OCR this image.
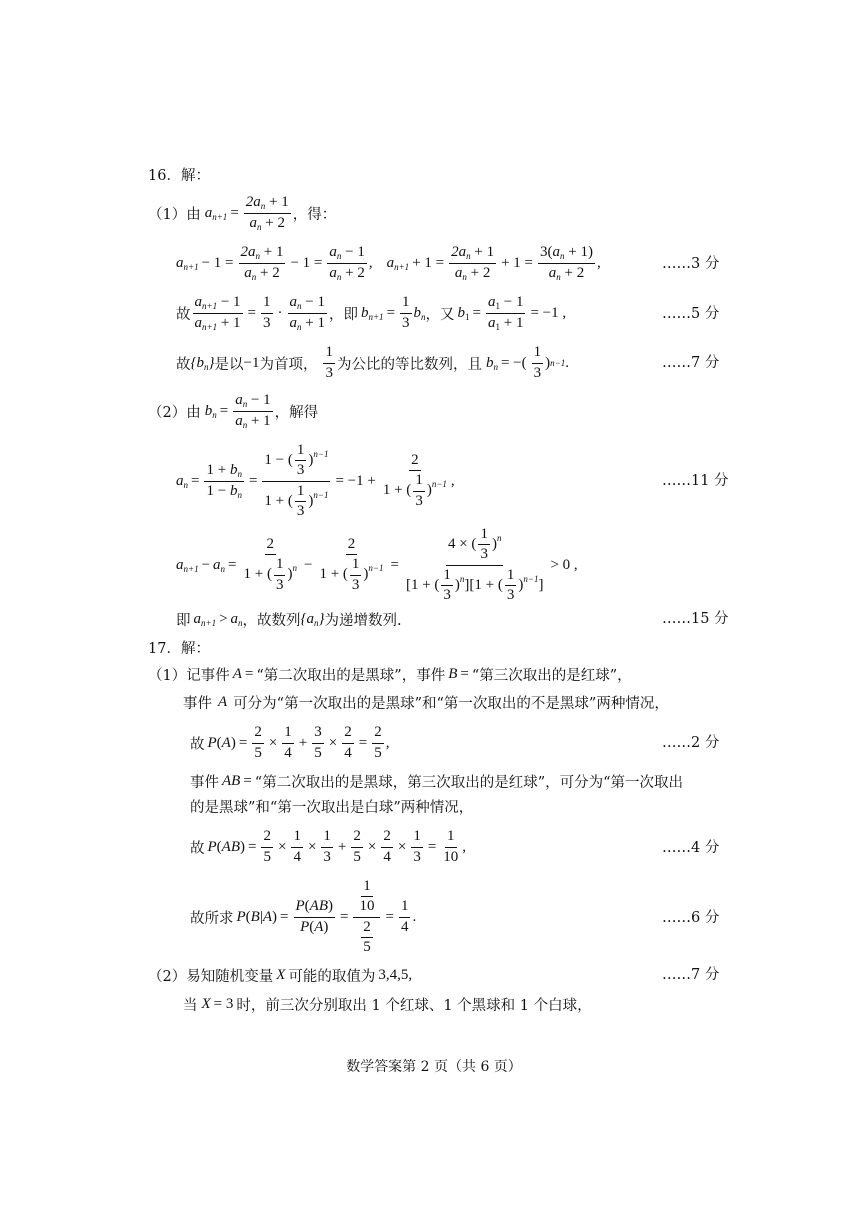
16．解：
（1）由 $a_{n+1} = \frac{2a_n + 1}{a_n + 2}$ ，得：
$a_{n+1} - 1 = \frac{2a_n + 1}{a_n + 2} - 1 = \frac{a_n - 1}{a_n + 2}$ , $a_{n+1} + 1 = \frac{2a_n + 1}{a_n + 2} + 1 = \frac{3(a_n + 1)}{a_n + 2}$ ,	……3 分
故 $\frac{a_{n+1} - 1}{a_{n+1} + 1} = \frac{1}{3} \cdot \frac{a_n - 1}{a_n + 1}$ ，即 $b_{n+1} = \frac{1}{3} b_n$ ，又 $b_1 = \frac{a_1 - 1}{a_1 + 1} = -1$ ,	……5 分
故 $\{b_n\}$ 是以 −1 为首项， $\frac{1}{3}$ 为公比的等比数列，且 $b_n$ = −( $\frac{1}{3}$ ) n−1 .	……7 分
（2）由 $b_n = \frac{a_n - 1}{a_n + 1}$ ，解得
$a_n = \frac{1 + b_n}{1 - b_n} = \frac{1 - ( \frac{1}{3} )^{n-1}}{1 + ( \frac{1}{3} )^{n-1}} = -1 + \frac{2}{1 + ( \frac{1}{3} )^{n-1}}$ ,	……11 分
$a_{n+1} - a_n = \frac{2}{1 + ( \frac{1}{3} )^n} - \frac{2}{1 + ( \frac{1}{3} )^{n-1}} = \frac{4 \times ( \frac{1}{3} )^n}{[1 + ( \frac{1}{3} )^n][1 + ( \frac{1}{3} )^{n-1}]} > 0$ ,
即 $a_{n+1} > a_n$ ，故数列 $\{a_n\}$ 为递增数列.	……15 分
17．解：
（1）记事件 A = “第二次取出的是黑球”，事件 B = “第三次取出的是红球”，
事件 A 可分为“第一次取出的是黑球”和“第一次取出的不是黑球”两种情况，
故 P ( A ) = $\frac{2}{5} \times \frac{1}{4} + \frac{3}{5} \times \frac{2}{4} = \frac{2}{5}$ ,	……2 分
事件 AB = “第二次取出的是黑球，第三次取出的是红球”，可分为“第一次取出
的是黑球”和“第一次取出是白球”两种情况，
故 P ( AB ) = $\frac{2}{5} \times \frac{1}{4} \times \frac{1}{3} + \frac{2}{5} \times \frac{2}{4} \times \frac{1}{3} = \frac{1}{10}$ ,	……4 分
故所求 P ( B | A ) = $\frac{P(AB)}{P(A)} = \frac{\frac{1}{10}}{\frac{2}{5}} = \frac{1}{4}$ .	……6 分
（2）易知随机变量 X 可能的取值为 3,4,5,	……7 分
当 X = 3 时，前三次分别取出 1 个红球、1 个黑球和 1 个白球，
数学答案第 2 页（共 6 页）
